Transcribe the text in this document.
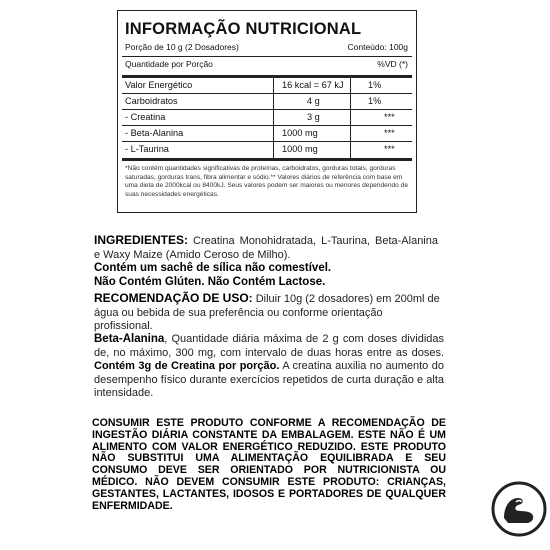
INFORMAÇÃO NUTRICIONAL
Porção de 10 g (2 Dosadores)	Conteúdo: 100g
Quantidade por Porção	%VD (*)
Valor Energético	16 kcal = 67 kJ	1%
Carboidratos	4 g	1%
- Creatina	3 g	***
- Beta-Alanina	1000 mg	***
- L-Taurina	1000 mg	***
*Não contém quantidades significativas de proteínas, carboidratos, gorduras totais, gorduras saturadas, gorduras trans, fibra alimentar e sódio.** Valores diários de referência com base em uma dieta de 2000kcal ou 8400kJ. Seus valores podem ser maiores ou menores dependendo de suas necessidades energéticas.
INGREDIENTES: Creatina Monohidratada, L-Taurina, Beta-Alanina e Waxy Maize (Amido Ceroso de Milho).
Contém um sachê de sílica não comestível.
Não Contém Glúten. Não Contém Lactose.
RECOMENDAÇÃO DE USO: Diluir 10g (2 dosadores) em 200ml de água ou bebida de sua preferência ou conforme orientação profissional.
Beta-Alanina, Quantidade diária máxima de 2 g com doses divididas de, no máximo, 300 mg, com intervalo de duas horas entre as doses. Contém 3g de Creatina por porção. A creatina auxilia no aumento do desempenho físico durante exercícios repetidos de curta duração e alta intensidade.
CONSUMIR ESTE PRODUTO CONFORME A RECOMENDAÇÃO DE INGESTÃO DIÁRIA CONSTANTE DA EMBALAGEM. ESTE NÃO É UM ALIMENTO COM VALOR ENERGÉTICO REDUZIDO. ESTE PRODUTO NÃO SUBSTITUI UMA ALIMENTAÇÃO EQUILIBRADA E SEU CONSUMO DEVE SER ORIENTADO POR NUTRICIONISTA OU MÉDICO. NÃO DEVEM CONSUMIR ESTE PRODUTO: CRIANÇAS, GESTANTES, LACTANTES, IDOSOS E PORTADORES DE QUALQUER ENFERMIDADE.
